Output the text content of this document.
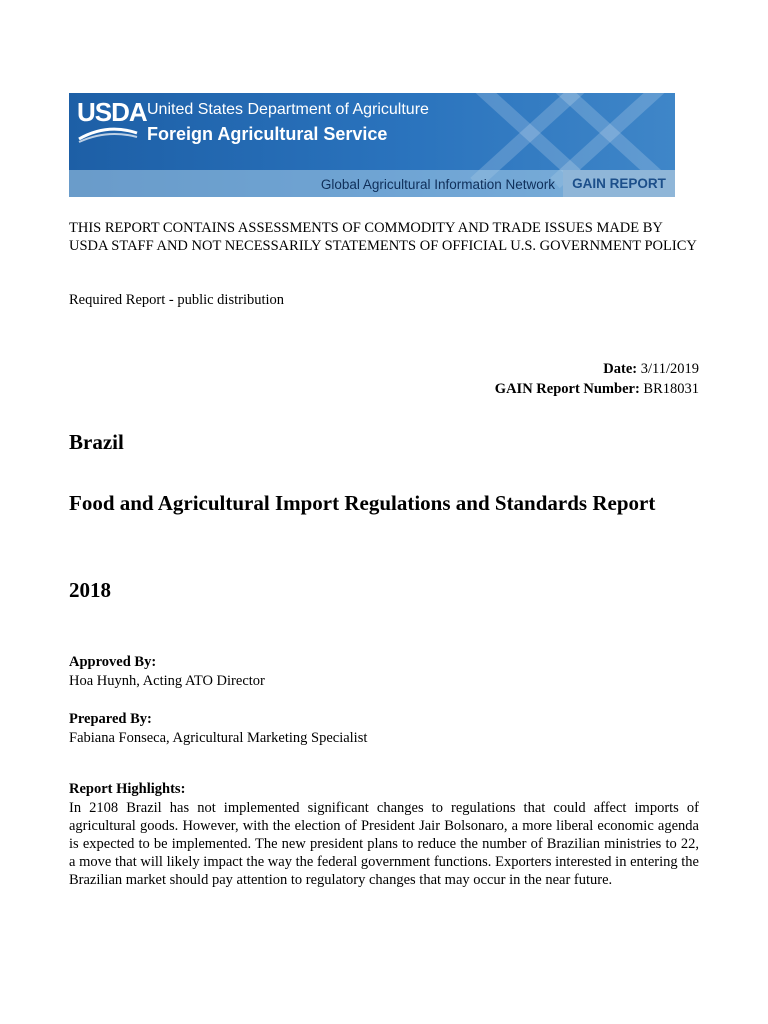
USDA United States Department of Agriculture
Foreign Agricultural Service
Global Agricultural Information Network	GAIN REPORT
THIS REPORT CONTAINS ASSESSMENTS OF COMMODITY AND TRADE ISSUES MADE BY USDA STAFF AND NOT NECESSARILY STATEMENTS OF OFFICIAL U.S. GOVERNMENT POLICY
Required Report - public distribution
Date: 3/11/2019
GAIN Report Number: BR18031
Brazil
Food and Agricultural Import Regulations and Standards Report
2018
Approved By:
Hoa Huynh, Acting ATO Director
Prepared By:
Fabiana Fonseca, Agricultural Marketing Specialist
Report Highlights:
In 2108 Brazil has not implemented significant changes to regulations that could affect imports of agricultural goods. However, with the election of President Jair Bolsonaro, a more liberal economic agenda is expected to be implemented. The new president plans to reduce the number of Brazilian ministries to 22, a move that will likely impact the way the federal government functions. Exporters interested in entering the Brazilian market should pay attention to regulatory changes that may occur in the near future.
